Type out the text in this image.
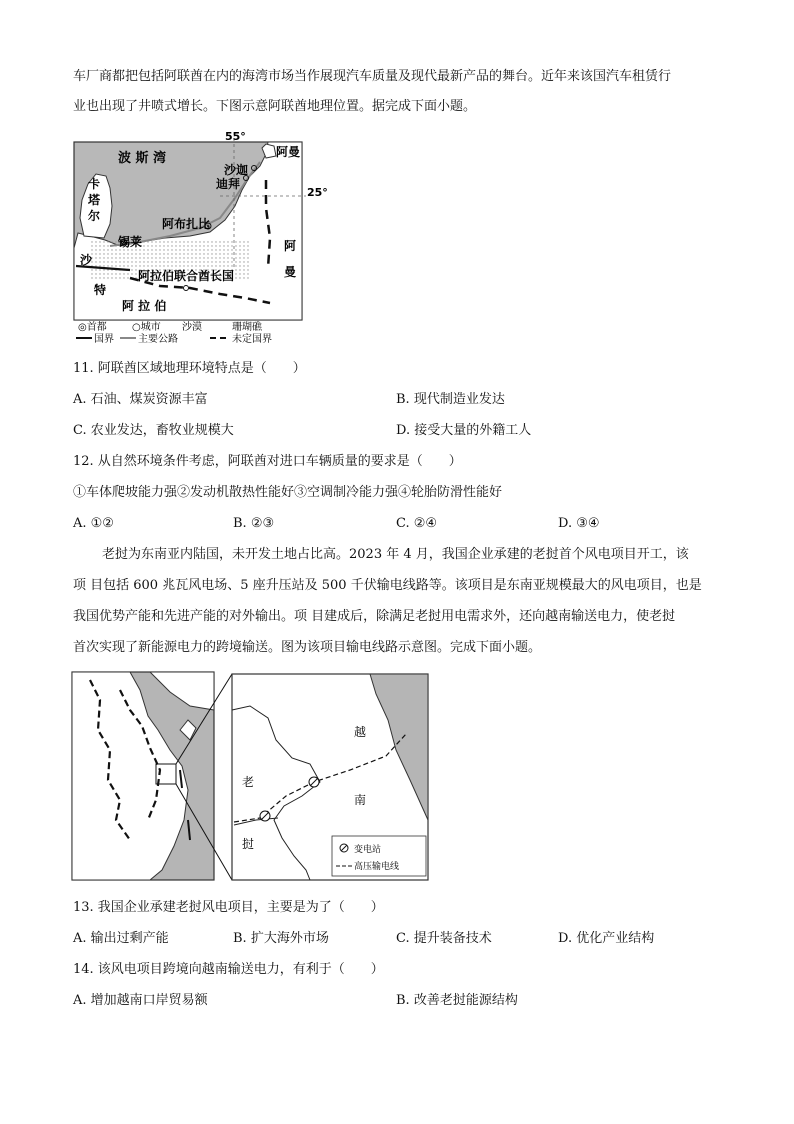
车厂商都把包括阿联酋在内的海湾市场当作展现汽车质量及现代最新产品的舞台。近年来该国汽车租赁行
业也出现了井喷式增长。下图示意阿联酋地理位置。据完成下面小题。
55°
25°
波 斯 湾	阿曼
沙迦
迪拜
卡
塔
尔
阿布扎比
锡莱	阿
曼
沙
特
阿拉伯联合酋长国
阿 拉 伯
◎首都	○城市 沙漠	珊瑚礁
国界 主要公路	未定国界
11. 阿联酋区域地理环境特点是（　　）
A. 石油、煤炭资源丰富	B. 现代制造业发达
C. 农业发达，畜牧业规模大	D. 接受大量的外籍工人
12. 从自然环境条件考虑，阿联酋对进口车辆质量的要求是（　　）
①车体爬坡能力强②发动机散热性能好③空调制冷能力强④轮胎防滑性能好
A. ①②	B. ②③	C. ②④	D. ③④
老挝为东南亚内陆国，未开发土地占比高。2023 年 4 月，我国企业承建的老挝首个风电项目开工，该
项 目包括 600 兆瓦风电场、5 座升压站及 500 千伏输电线路等。该项目是东南亚规模最大的风电项目，也是
我国优势产能和先进产能的对外输出。项 目建成后，除满足老挝用电需求外，还向越南输送电力，使老挝
首次实现了新能源电力的跨境输送。图为该项目输电线路示意图。完成下面小题。
越
南
老
挝	变电站
高压输电线
13. 我国企业承建老挝风电项目，主要是为了（　　）
A. 输出过剩产能	B. 扩大海外市场	C. 提升装备技术	D. 优化产业结构
14. 该风电项目跨境向越南输送电力，有利于（　　）
A. 增加越南口岸贸易额	B. 改善老挝能源结构
